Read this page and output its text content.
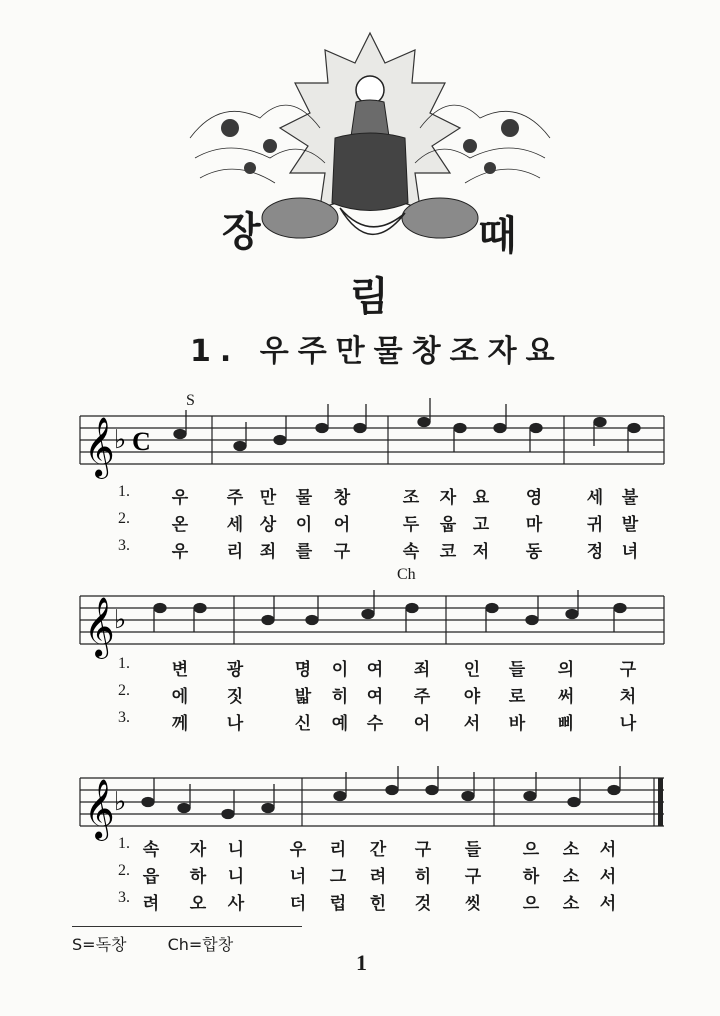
장	때
림
1. 우주만물창조자요
S
Ch
𝄞 ♭ C
1.	우 주 만 물 창	조 자 요 영	세 불
2.	온 세 상 이 어	두 웁 고 마	귀 발
3.	우 리 죄 를 구	속 코 저 동	정 녀
𝄞 ♭
1.	변 광	명 이 여 죄 인 들 의	구
2.	에 짓	밟 히 여 주 야 로 써	처
3.	께 나	신 예 수 어 서 바 삐	나
𝄞 ♭
1. 속 자 니	우 리 간 구 들 으 소 서
2. 읍 하 니	너 그 려 히 구 하 소 서
3. 려 오 사	더 럽 힌 것 씻 으 소 서
S=독창	Ch=합창
1
